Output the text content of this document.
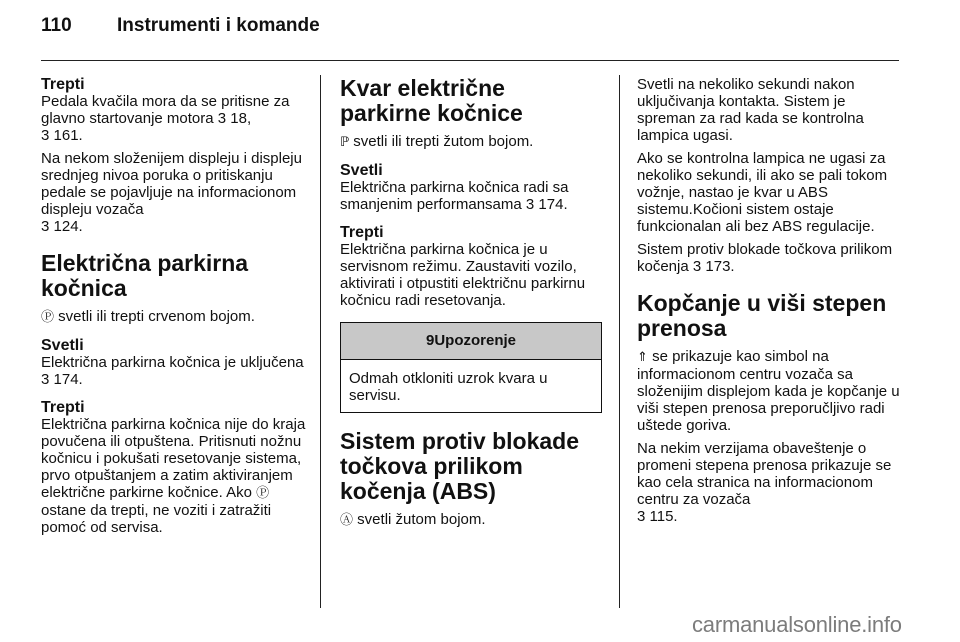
110 Instrumenti i komande
Trepti

Pedala kvačila mora da se pritisne za glavno startovanje motora 3 18,

3 161.

Na nekom složenijem displeju i displeju srednjeg nivoa poruka o pritiskanju pedale se pojavljuje na informacionom displeju vozača

3 124.

Električna parkirna kočnica

Ⓟ svetli ili trepti crvenom bojom.

Svetli

Električna parkirna kočnica je uključena 3 174.

Trepti

Električna parkirna kočnica nije do kraja povučena ili otpuštena. Pritisnuti nožnu kočnicu i pokušati resetovanje sistema, prvo otpuštanjem a zatim aktiviranjem električne parkirne kočnice. Ako Ⓟ ostane da trepti, ne voziti i zatražiti pomoć od servisa.

Kvar električne parkirne kočnice

ℙ svetli ili trepti žutom bojom.

Svetli

Električna parkirna kočnica radi sa smanjenim performansama 3 174.

Trepti

Električna parkirna kočnica je u servisnom režimu. Zaustaviti vozilo, aktivirati i otpustiti električnu parkirnu kočnicu radi resetovanja.

9Upozorenje
Odmah otkloniti uzrok kvara u servisu.
Sistem protiv blokade točkova prilikom kočenja (ABS)

Ⓐ svetli žutom bojom.

Svetli na nekoliko sekundi nakon uključivanja kontakta. Sistem je spreman za rad kada se kontrolna lampica ugasi.

Ako se kontrolna lampica ne ugasi za nekoliko sekundi, ili ako se pali tokom vožnje, nastao je kvar u ABS sistemu.Kočioni sistem ostaje funkcionalan ali bez ABS regulacije.

Sistem protiv blokade točkova prilikom kočenja 3 173.

Kopčanje u viši stepen prenosa

⇑ se prikazuje kao simbol na informacionom centru vozača sa složenijim displejom kada je kopčanje u viši stepen prenosa preporučljivo radi uštede goriva.

Na nekim verzijama obaveštenje o promeni stepena prenosa prikazuje se kao cela stranica na informacionom centru za vozača

3 115.

carmanualsonline.info
